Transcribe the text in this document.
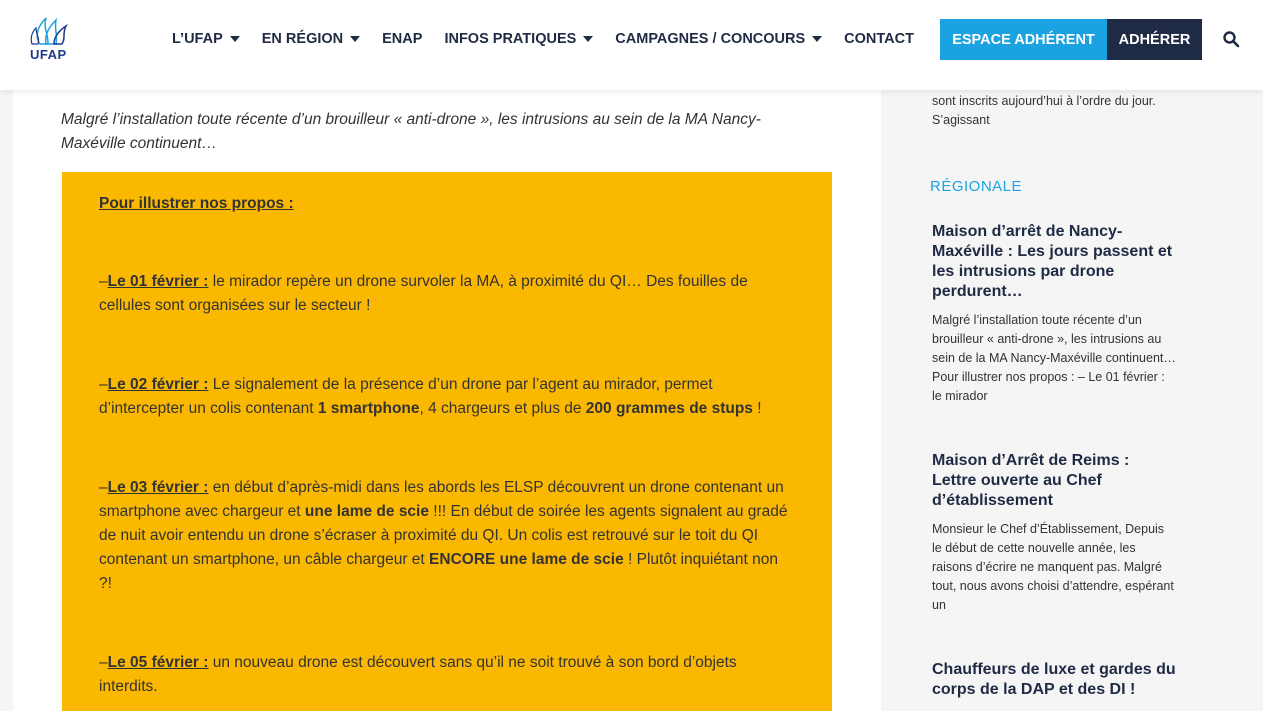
UFAP
L’UFAP	EN RÉGION	ENAP INFOS PRATIQUES	CAMPAGNES / CONCOURS	CONTACT	ESPACE ADHÉRENT	ADHÉRER

Malgré l’installation toute récente d’un brouilleur « anti-drone », les intrusions au sein de la MA Nancy-Maxéville continuent…

Pour illustrer nos propos :

–Le 01 février : le mirador repère un drone survoler la MA, à proximité du QI… Des fouilles de cellules sont organisées sur le secteur !

–Le 02 février : Le signalement de la présence d’un drone par l’agent au mirador, permet d’intercepter un colis contenant 1 smartphone, 4 chargeurs et plus de 200 grammes de stups !

–Le 03 février : en début d’après-midi dans les abords les ELSP découvrent un drone contenant un smartphone avec chargeur et une lame de scie !!! En début de soirée les agents signalent au gradé de nuit avoir entendu un drone s’écraser à proximité du QI. Un colis est retrouvé sur le toit du QI contenant un smartphone, un câble chargeur et ENCORE une lame de scie ! Plutôt inquiétant non ?!

–Le 05 février : un nouveau drone est découvert sans qu’il ne soit trouvé à son bord d’objets interdits.

sont inscrits aujourd’hui à l’ordre du jour. S’agissant

RÉGIONALE

Maison d’arrêt de Nancy-Maxéville : Les jours passent et les intrusions par drone perdurent…

Malgré l’installation toute récente d’un brouilleur « anti-drone », les intrusions au sein de la MA Nancy-Maxéville continuent… Pour illustrer nos propos : – Le 01 février : le mirador

Maison d’Arrêt de Reims : Lettre ouverte au Chef d’établissement

Monsieur le Chef d’Établissement, Depuis le début de cette nouvelle année, les raisons d’écrire ne manquent pas. Malgré tout, nous avons choisi d’attendre, espérant un

Chauffeurs de luxe et gardes du corps de la DAP et des DI !
